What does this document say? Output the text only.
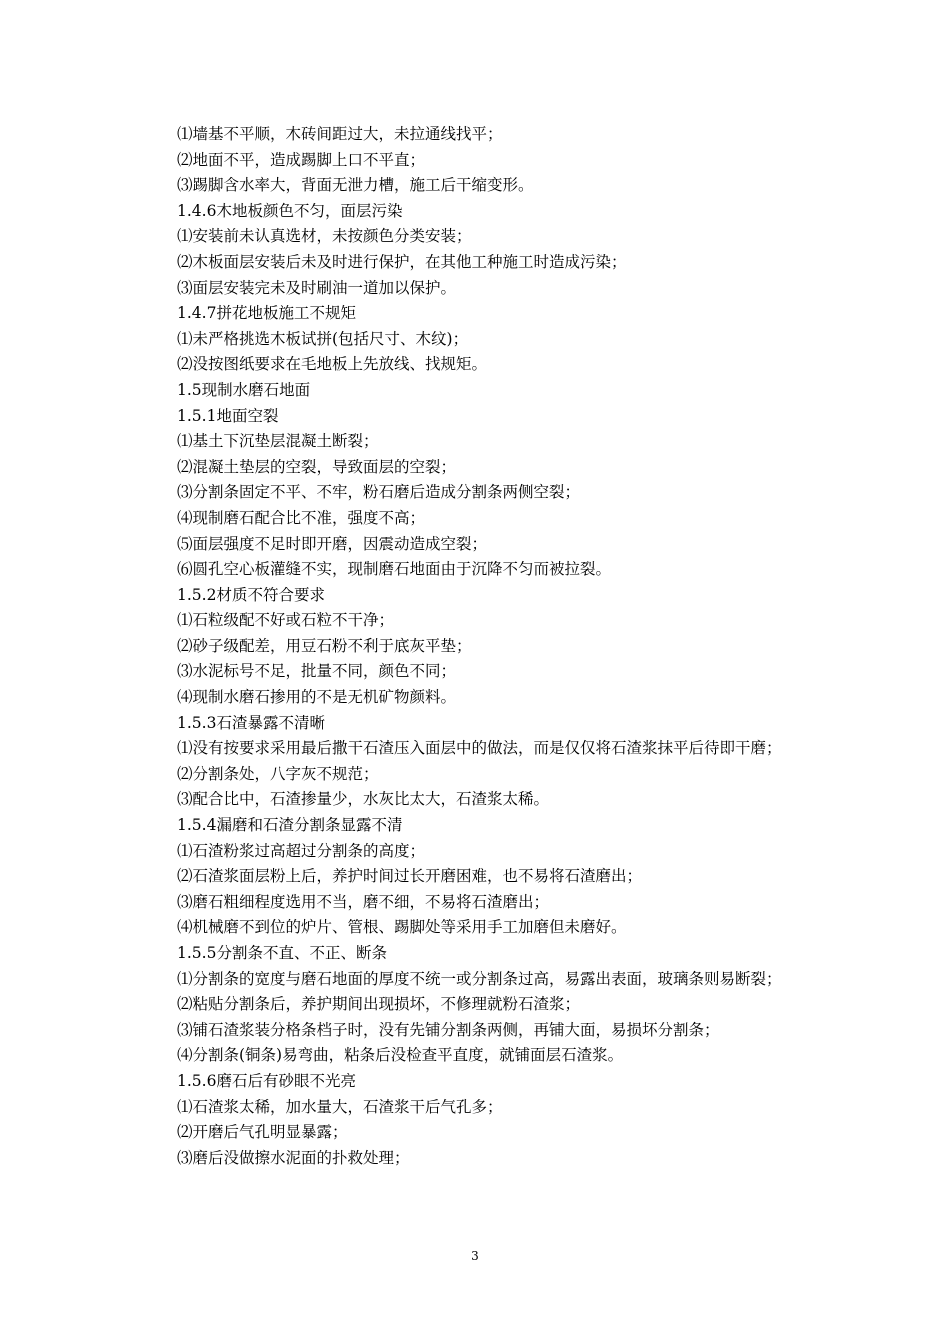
⑴墙基不平顺，木砖间距过大，未拉通线找平；

⑵地面不平，造成踢脚上口不平直；

⑶踢脚含水率大，背面无泄力槽，施工后干缩变形。

1.4.6木地板颜色不匀，面层污染

⑴安装前未认真选材，未按颜色分类安装；

⑵木板面层安装后未及时进行保护，在其他工种施工时造成污染；

⑶面层安装完未及时刷油一道加以保护。

1.4.7拼花地板施工不规矩

⑴未严格挑选木板试拼(包括尺寸、木纹)；

⑵没按图纸要求在毛地板上先放线、找规矩。

1.5现制水磨石地面

1.5.1地面空裂

⑴基土下沉垫层混凝土断裂；

⑵混凝土垫层的空裂，导致面层的空裂；

⑶分割条固定不平、不牢，粉石磨后造成分割条两侧空裂；

⑷现制磨石配合比不准，强度不高；

⑸面层强度不足时即开磨，因震动造成空裂；

⑹圆孔空心板灌缝不实，现制磨石地面由于沉降不匀而被拉裂。

1.5.2材质不符合要求

⑴石粒级配不好或石粒不干净；

⑵砂子级配差，用豆石粉不利于底灰平垫；

⑶水泥标号不足，批量不同，颜色不同；

⑷现制水磨石掺用的不是无机矿物颜料。

1.5.3石渣暴露不清晰

⑴没有按要求采用最后撒干石渣压入面层中的做法，而是仅仅将石渣浆抹平后待即干磨；

⑵分割条处，八字灰不规范；

⑶配合比中，石渣掺量少，水灰比太大，石渣浆太稀。

1.5.4漏磨和石渣分割条显露不清

⑴石渣粉浆过高超过分割条的高度；

⑵石渣浆面层粉上后，养护时间过长开磨困难，也不易将石渣磨出；

⑶磨石粗细程度选用不当，磨不细，不易将石渣磨出；

⑷机械磨不到位的炉片、管根、踢脚处等采用手工加磨但未磨好。

1.5.5分割条不直、不正、断条

⑴分割条的宽度与磨石地面的厚度不统一或分割条过高，易露出表面，玻璃条则易断裂；

⑵粘贴分割条后，养护期间出现损坏，不修理就粉石渣浆；

⑶铺石渣浆装分格条档子时，没有先铺分割条两侧，再铺大面，易损坏分割条；

⑷分割条(铜条)易弯曲，粘条后没检查平直度，就铺面层石渣浆。

1.5.6磨石后有砂眼不光亮

⑴石渣浆太稀，加水量大，石渣浆干后气孔多；

⑵开磨后气孔明显暴露；

⑶磨后没做擦水泥面的扑救处理；

3
